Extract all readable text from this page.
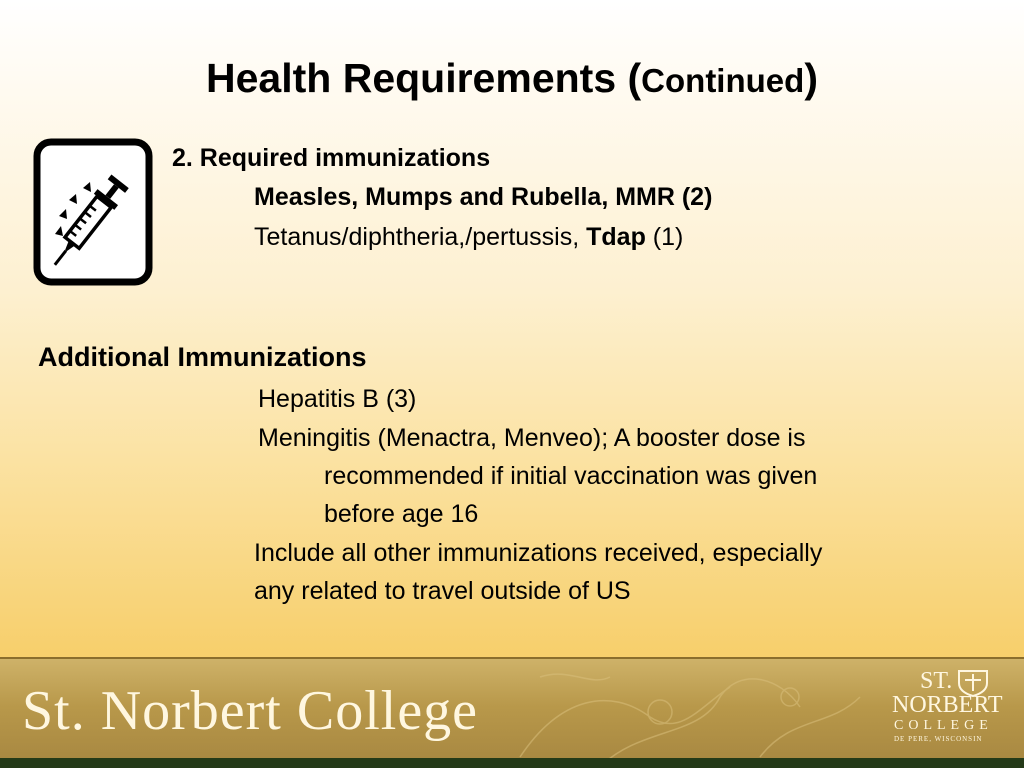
Health Requirements (Continued)
2. Required immunizations
Measles, Mumps and Rubella, MMR (2)
Tetanus/diphtheria,/pertussis, Tdap (1)
Additional Immunizations
Hepatitis B (3)
Meningitis (Menactra, Menveo); A booster dose is
recommended if initial vaccination was given
before age 16
Include all other immunizations received, especially
any related to travel outside of US
St. Norbert College	ST.
NORBERT
COLLEGE
DE PERE, WISCONSIN
